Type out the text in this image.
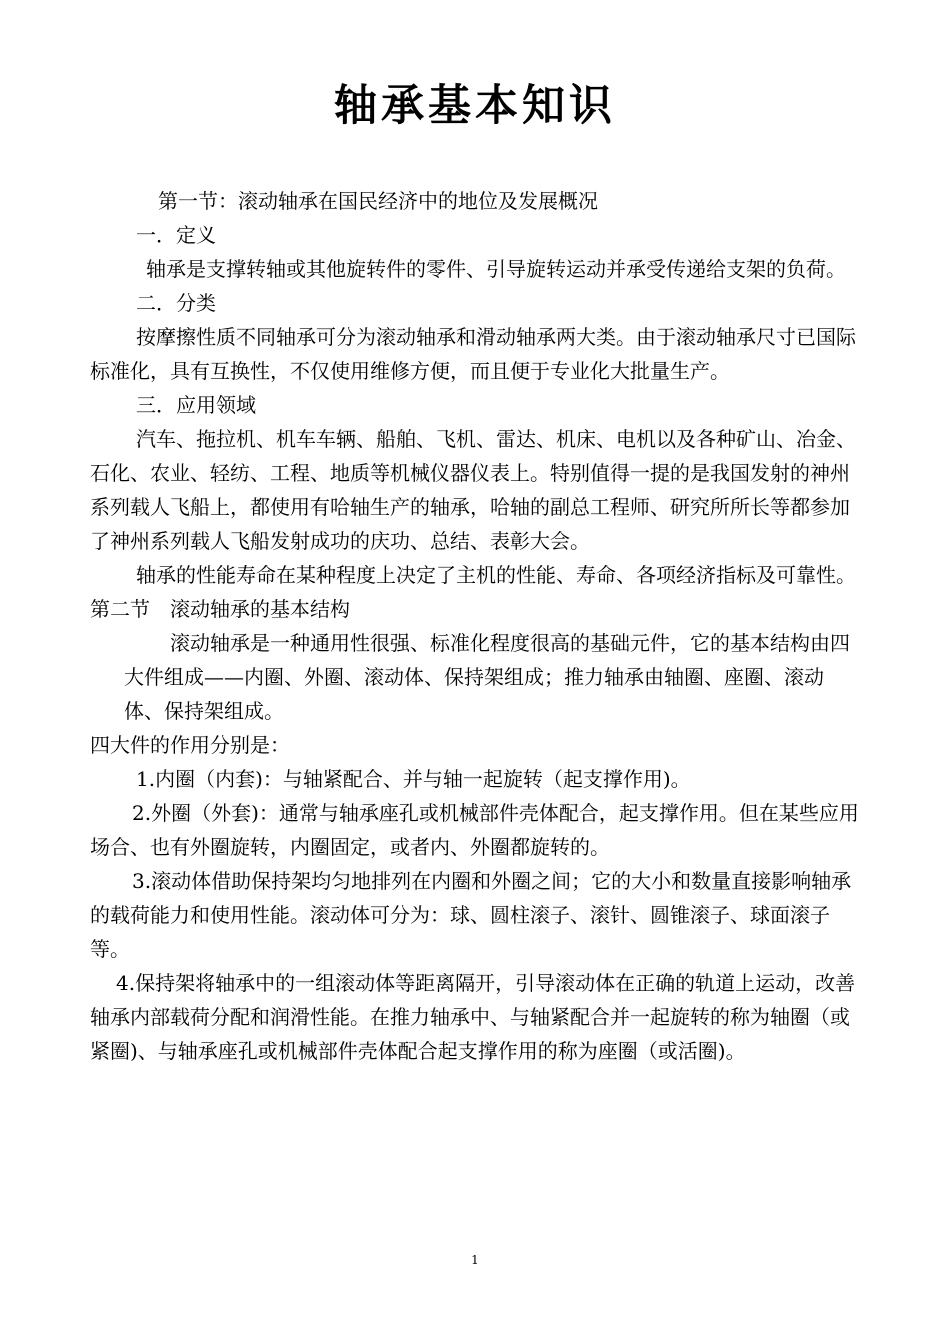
轴承基本知识

第一节：滚动轴承在国民经济中的地位及发展概况

一．定义

轴承是支撑转轴或其他旋转件的零件、引导旋转运动并承受传递给支架的负荷。

二．分类

按摩擦性质不同轴承可分为滚动轴承和滑动轴承两大类。由于滚动轴承尺寸已国际标准化，具有互换性，不仅使用维修方便，而且便于专业化大批量生产。

三．应用领域

汽车、拖拉机、机车车辆、船舶、飞机、雷达、机床、电机以及各种矿山、冶金、石化、农业、轻纺、工程、地质等机械仪器仪表上。特别值得一提的是我国发射的神州系列载人飞船上，都使用有哈轴生产的轴承，哈轴的副总工程师、研究所所长等都参加了神州系列载人飞船发射成功的庆功、总结、表彰大会。

轴承的性能寿命在某种程度上决定了主机的性能、寿命、各项经济指标及可靠性。

第二节　滚动轴承的基本结构

滚动轴承是一种通用性很强、标准化程度很高的基础元件，它的基本结构由四大件组成——内圈、外圈、滚动体、保持架组成；推力轴承由轴圈、座圈、滚动体、保持架组成。

四大件的作用分别是：

1.内圈（内套)：与轴紧配合、并与轴一起旋转（起支撑作用)。

2.外圈（外套)：通常与轴承座孔或机械部件壳体配合，起支撑作用。但在某些应用场合、也有外圈旋转，内圈固定，或者内、外圈都旋转的。

3.滚动体借助保持架均匀地排列在内圈和外圈之间；它的大小和数量直接影响轴承的载荷能力和使用性能。滚动体可分为：球、圆柱滚子、滚针、圆锥滚子、球面滚子等。

4.保持架将轴承中的一组滚动体等距离隔开，引导滚动体在正确的轨道上运动，改善轴承内部载荷分配和润滑性能。在推力轴承中、与轴紧配合并一起旋转的称为轴圈（或紧圈)、与轴承座孔或机械部件壳体配合起支撑作用的称为座圈（或活圈)。

1
